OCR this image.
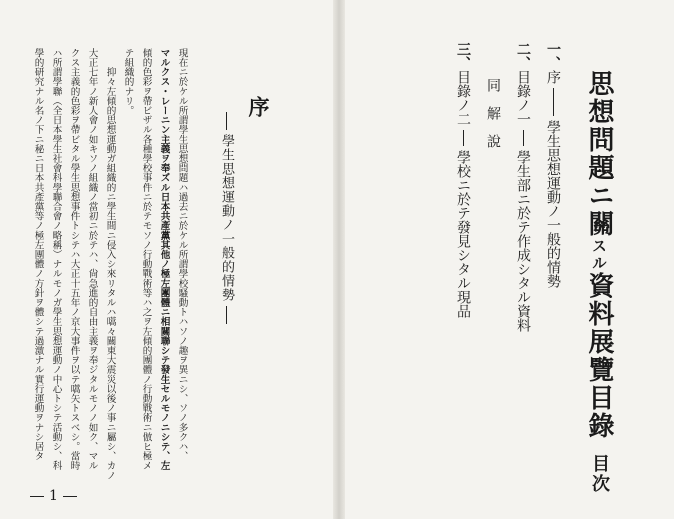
思想問題ニ關スル資料展覽目錄目次
一、序學生思想運動ノ一般的情勢
二、目錄ノ一學生部ニ於テ作成シタル資料
同　解　說
三、目錄ノ二學校ニ於テ發見シタル現品
序
學生思想運動ノ一般的情勢
現在ニ於ケル所謂學生思想問題ハ過去ニ於ケル所謂學校騷動トハソノ趣ヲ異ニシ、ソノ多クハ、
マルクス・レーニン主義ヲ奉ズル日本共產黨其他ノ極左團體ニ相關聯シテ發生セルモノニシテ、左
傾的色彩ヲ帶ビザル各種學校事件ニ於テモソノ行動戰術等ハ之ヲ左傾的團體ノ行動戰術ニ倣ヒ極メ
テ組織的ナリ。
　　抑々左傾的思想運動ガ組織的ニ學生間ニ侵入シ來リタルハ嚆々關東大震災以後ノ事ニ屬シ、カノ
大正七年ノ新人會ノ如キソノ組織ノ當初ニ於テハ、尙急進的自由主義ヲ奉ジタルモノノ如ク、マル
クス主義的色彩ヲ帶ビタル學生思想事件トシテハ大正十五年ノ京大事件ヲ以テ嚆矢トスベシ。當時
ハ所謂學聯（全日本學生社會科學聯合會ノ略稱）ナルモノガ學生思想運動ノ中心トシテ活動シ、科
學的研究ナル名ノ下ニ秘ニ日本共產黨等ノ極左團體ノ方針ヲ體シテ過激ナル實行運動ヲナシ居タ
1
